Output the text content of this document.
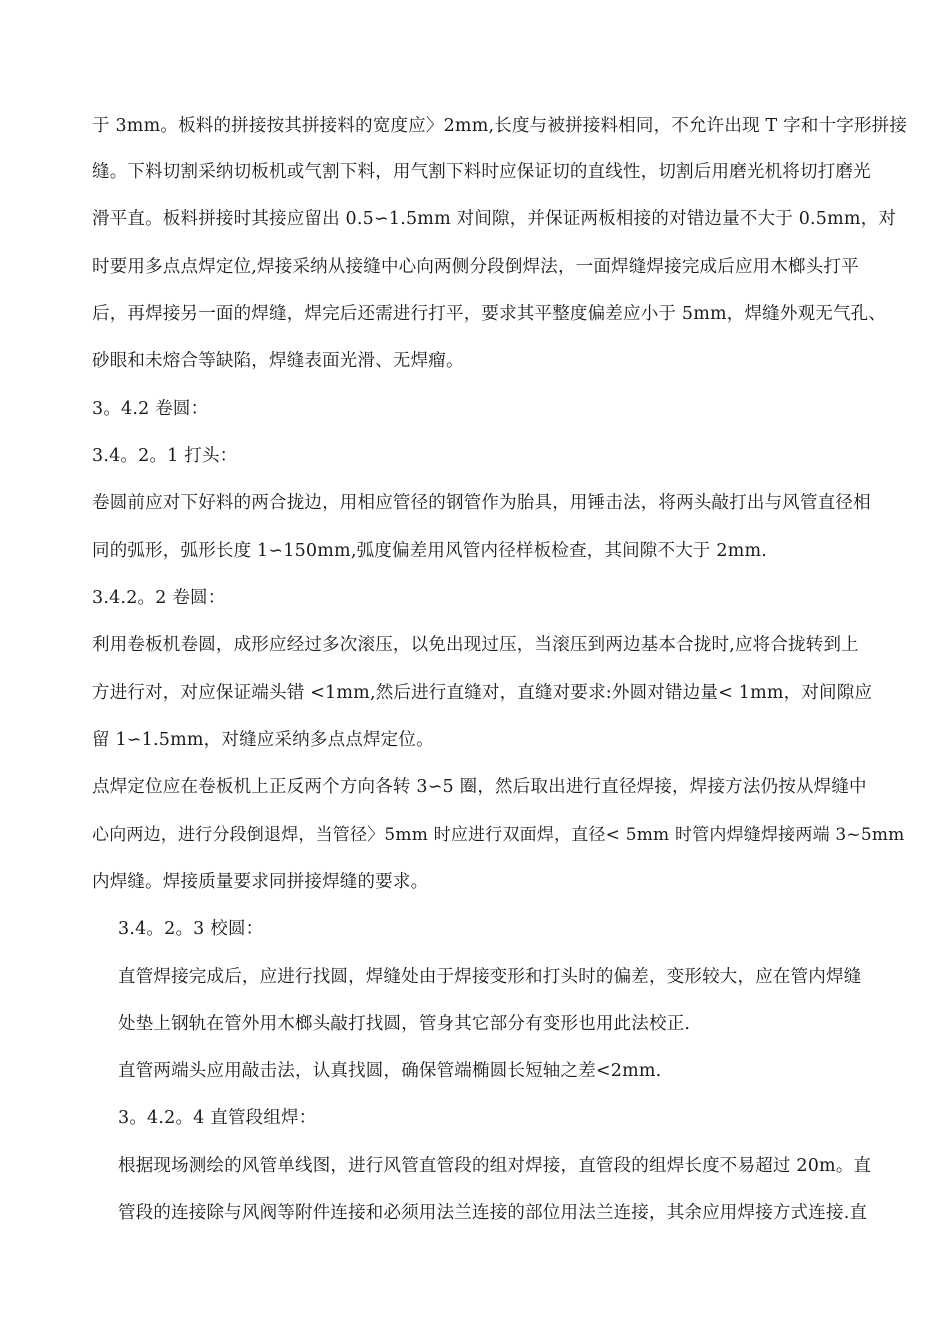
于 3mm。板料的拼接按其拼接料的宽度应〉2mm,长度与被拼接料相同，不允许出现 T 字和十字形拼接
缝。下料切割采纳切板机或气割下料，用气割下料时应保证切的直线性，切割后用磨光机将切打磨光
滑平直。板料拼接时其接应留出 0.5∽1.5mm 对间隙，并保证两板相接的对错边量不大于 0.5mm，对
时要用多点点焊定位,焊接采纳从接缝中心向两侧分段倒焊法，一面焊缝焊接完成后应用木榔头打平
后，再焊接另一面的焊缝，焊完后还需进行打平，要求其平整度偏差应小于 5mm，焊缝外观无气孔、
砂眼和未熔合等缺陷，焊缝表面光滑、无焊瘤。
3。4.2 卷圆：
3.4。2。1 打头：
卷圆前应对下好料的两合拢边，用相应管径的钢管作为胎具，用锤击法，将两头敲打出与风管直径相
同的弧形，弧形长度 1∽150mm,弧度偏差用风管内径样板检查，其间隙不大于 2mm.
3.4.2。2 卷圆：
利用卷板机卷圆，成形应经过多次滚压，以免出现过压，当滚压到两边基本合拢时,应将合拢转到上
方进行对，对应保证端头错 <1mm,然后进行直缝对，直缝对要求:外圆对错边量< 1mm，对间隙应
留 1∽1.5mm，对缝应采纳多点点焊定位。
点焊定位应在卷板机上正反两个方向各转 3∽5 圈，然后取出进行直径焊接，焊接方法仍按从焊缝中
心向两边，进行分段倒退焊，当管径〉5mm 时应进行双面焊，直径< 5mm 时管内焊缝焊接两端 3~5mm
内焊缝。焊接质量要求同拼接焊缝的要求。
3.4。2。3 校圆：
直管焊接完成后，应进行找圆，焊缝处由于焊接变形和打头时的偏差，变形较大，应在管内焊缝
处垫上钢轨在管外用木榔头敲打找圆，管身其它部分有变形也用此法校正.
直管两端头应用敲击法，认真找圆，确保管端椭圆长短轴之差<2mm.
3。4.2。4 直管段组焊：
根据现场测绘的风管单线图，进行风管直管段的组对焊接，直管段的组焊长度不易超过 20m。直
管段的连接除与风阀等附件连接和必须用法兰连接的部位用法兰连接，其余应用焊接方式连接.直
